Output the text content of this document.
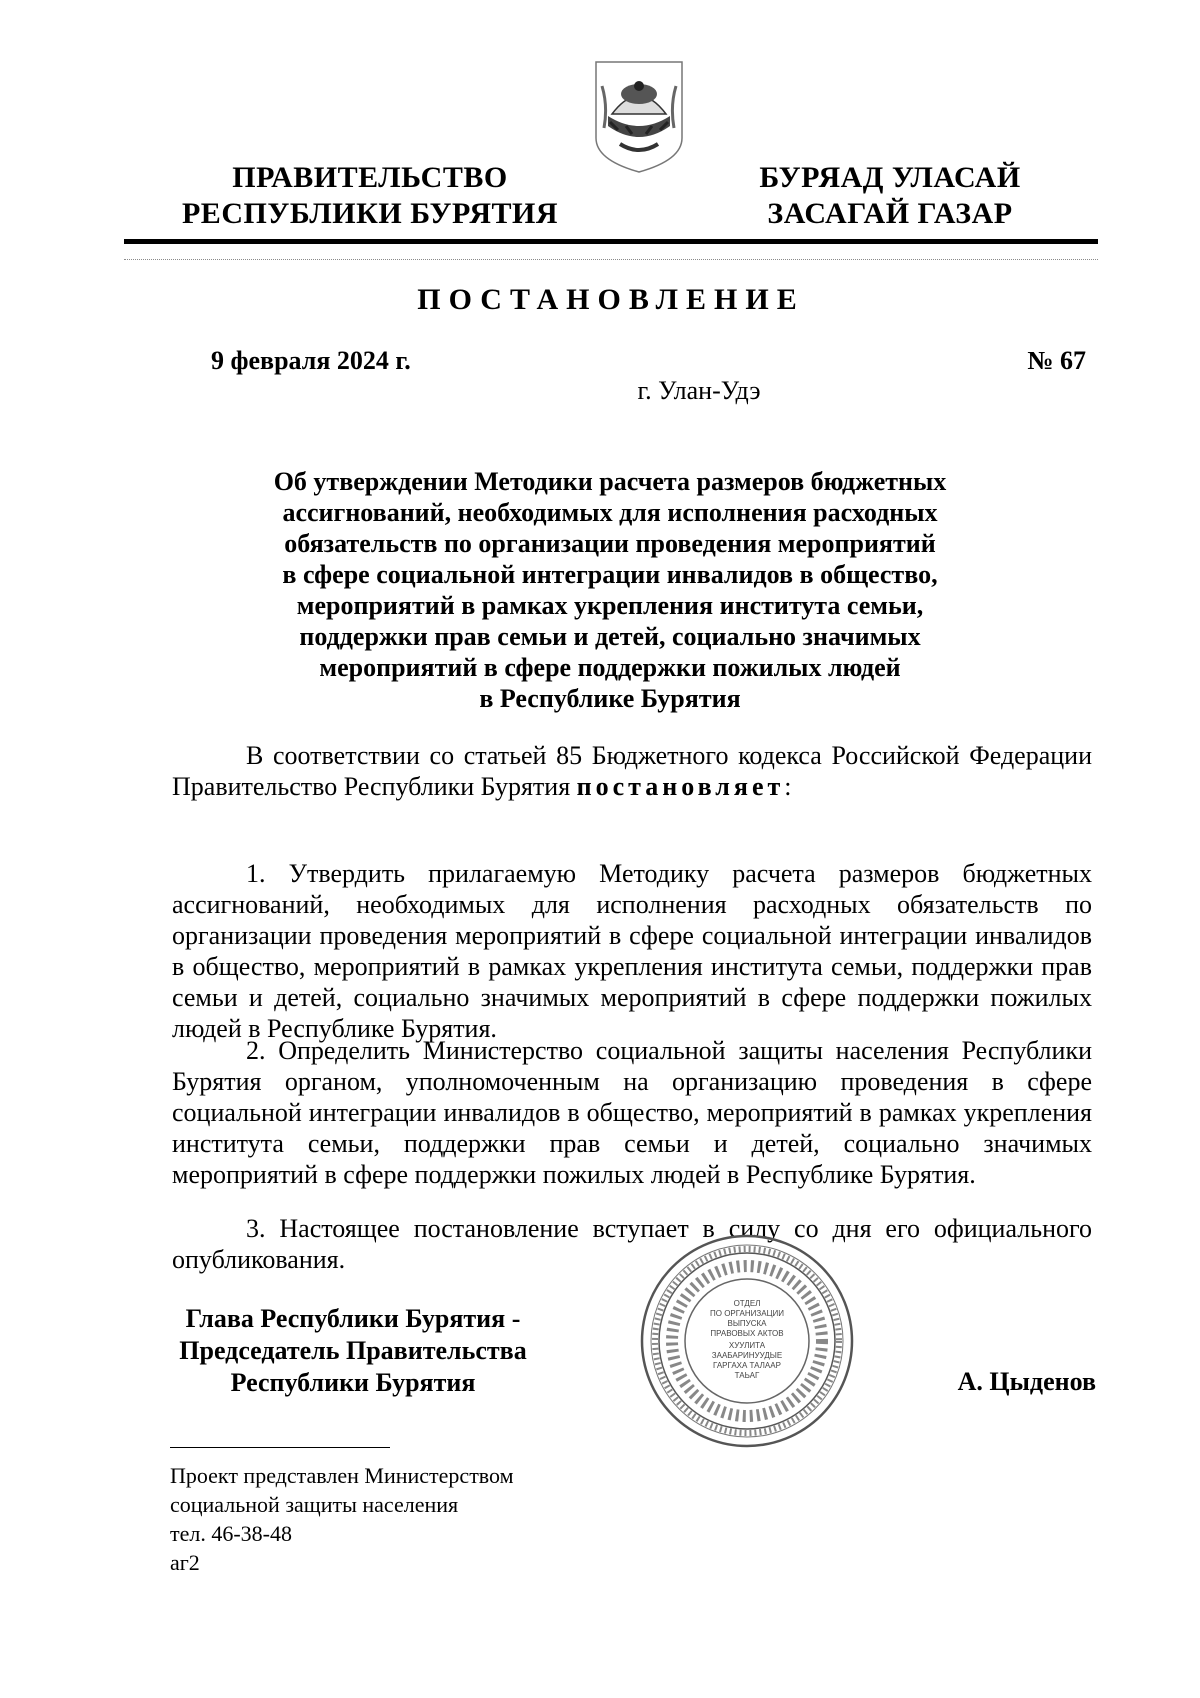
ПРАВИТЕЛЬСТВО
РЕСПУБЛИКИ БУРЯТИЯ
БУРЯАД УЛАСАЙ
ЗАСАГАЙ ГАЗАР
ПОСТАНОВЛЕНИЕ
9 февраля 2024 г.	№ 67
г. Улан-Удэ
Об утверждении Методики расчета размеров бюджетных
ассигнований, необходимых для исполнения расходных
обязательств по организации проведения мероприятий
в сфере социальной интеграции инвалидов в общество,
мероприятий в рамках укрепления института семьи,
поддержки прав семьи и детей, социально значимых
мероприятий в сфере поддержки пожилых людей
в Республике Бурятия
В соответствии со статьей 85 Бюджетного кодекса Российской Федерации Правительство Республики Бурятия постановляет:
1. Утвердить прилагаемую Методику расчета размеров бюджетных ассигнований, необходимых для исполнения расходных обязательств по организации проведения мероприятий в сфере социальной интеграции инвалидов в общество, мероприятий в рамках укрепления института семьи, поддержки прав семьи и детей, социально значимых мероприятий в сфере поддержки пожилых людей в Республике Бурятия.
2. Определить Министерство социальной защиты населения Республики Бурятия органом, уполномоченным на организацию проведения в сфере социальной интеграции инвалидов в общество, мероприятий в рамках укрепления института семьи, поддержки прав семьи и детей, социально значимых мероприятий в сфере поддержки пожилых людей в Республике Бурятия.
3. Настоящее постановление вступает в силу со дня его официального опубликования.
Глава Республики Бурятия -
Председатель Правительства
Республики Бурятия
ОТДЕЛ
ПО ОРГАНИЗАЦИИ
ВЫПУСКА
ПРАВОВЫХ АКТОВ
ХУУЛИТА
ЗААБАРИНУУДЫЕ
ГАРГАХА ТАЛААР
ТАЬАГ	А. Цыденов
Проект представлен Министерством
социальной защиты населения
тел. 46-38-48
аг2
